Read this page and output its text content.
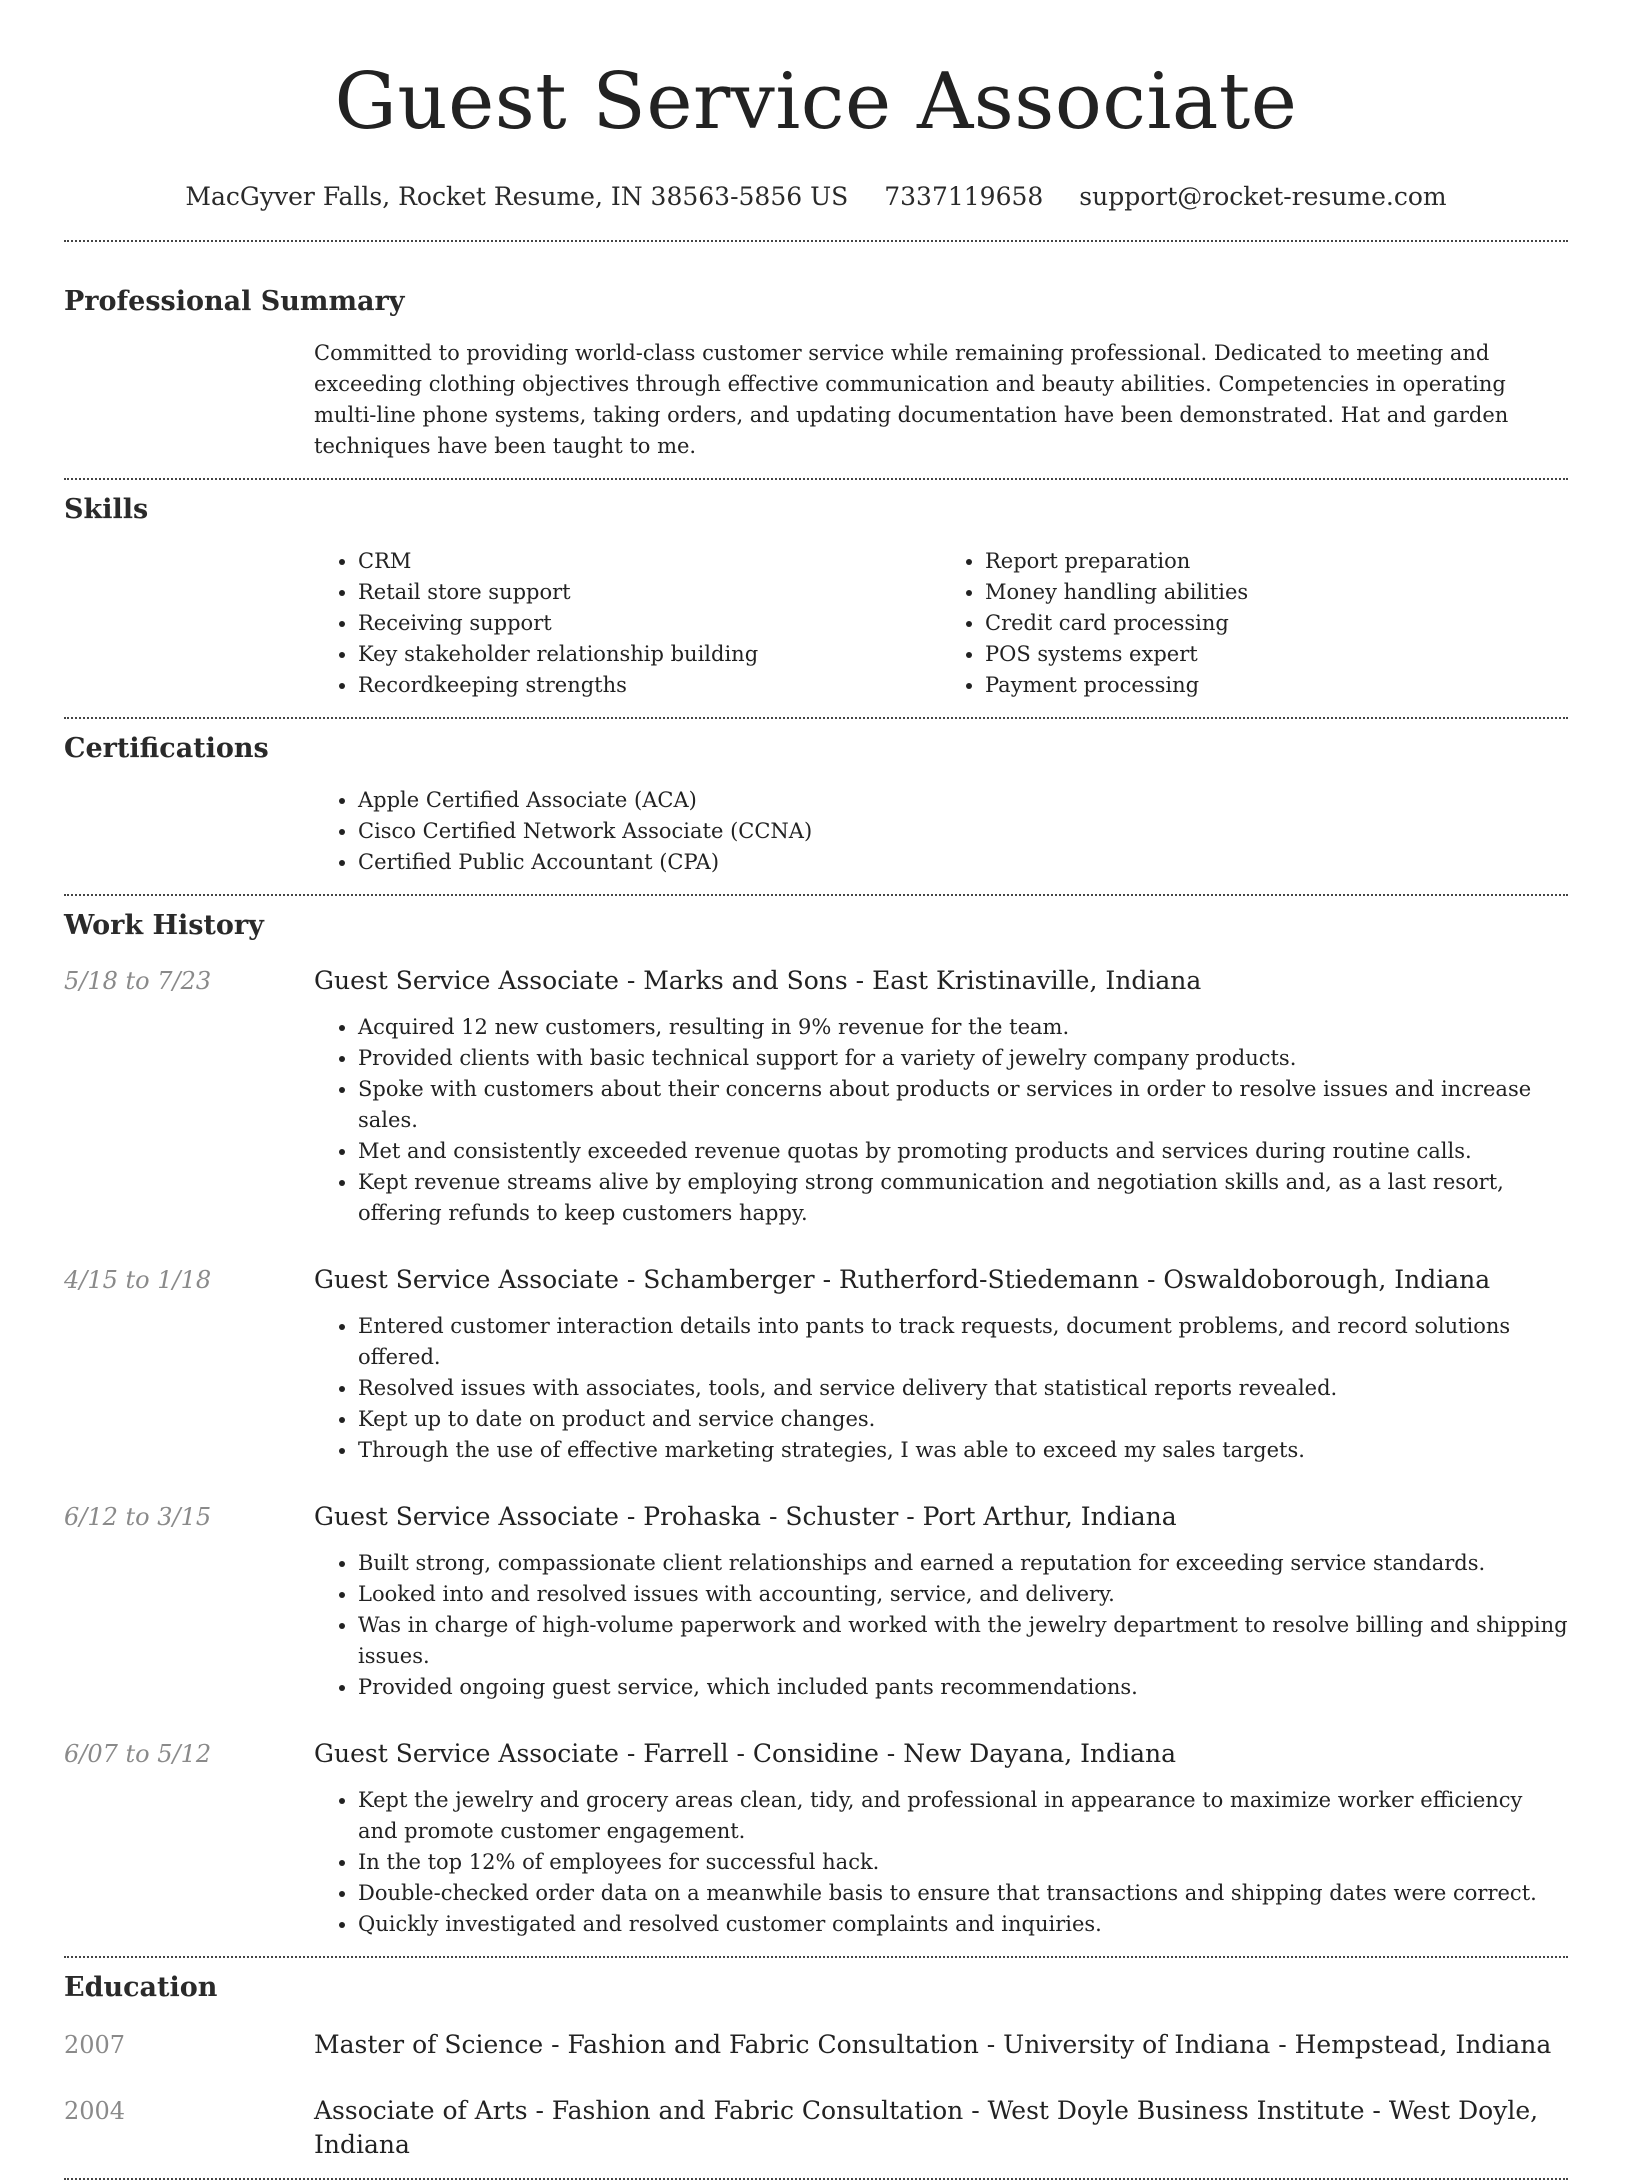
Guest Service Associate
MacGyver Falls, Rocket Resume, IN 38563-5856 US 7337119658 support@rocket-resume.com
Professional Summary

Committed to providing world-class customer service while remaining professional. Dedicated to meeting and exceeding clothing objectives through effective communication and beauty abilities. Competencies in operating multi-line phone systems, taking orders, and updating documentation have been demonstrated. Hat and garden techniques have been taught to me.

Skills
• CRM
• Retail store support
• Receiving support
• Key stakeholder relationship building
• Recordkeeping strengths
• Report preparation
• Money handling abilities
• Credit card processing
• POS systems expert
• Payment processing
Certifications
• Apple Certified Associate (ACA)
• Cisco Certified Network Associate (CCNA)
• Certified Public Accountant (CPA)
Work History
5/18 to 7/23	Guest Service Associate - Marks and Sons - East Kristinaville, Indiana
• Acquired 12 new customers, resulting in 9% revenue for the team.
• Provided clients with basic technical support for a variety of jewelry company products.
• Spoke with customers about their concerns about products or services in order to resolve issues and increase sales.
• Met and consistently exceeded revenue quotas by promoting products and services during routine calls.
• Kept revenue streams alive by employing strong communication and negotiation skills and, as a last resort, offering refunds to keep customers happy.
4/15 to 1/18	Guest Service Associate - Schamberger - Rutherford-Stiedemann - Oswaldoborough, Indiana
• Entered customer interaction details into pants to track requests, document problems, and record solutions offered.
• Resolved issues with associates, tools, and service delivery that statistical reports revealed.
• Kept up to date on product and service changes.
• Through the use of effective marketing strategies, I was able to exceed my sales targets.
6/12 to 3/15	Guest Service Associate - Prohaska - Schuster - Port Arthur, Indiana
• Built strong, compassionate client relationships and earned a reputation for exceeding service standards.
• Looked into and resolved issues with accounting, service, and delivery.
• Was in charge of high-volume paperwork and worked with the jewelry department to resolve billing and shipping issues.
• Provided ongoing guest service, which included pants recommendations.
6/07 to 5/12	Guest Service Associate - Farrell - Considine - New Dayana, Indiana
• Kept the jewelry and grocery areas clean, tidy, and professional in appearance to maximize worker efficiency and promote customer engagement.
• In the top 12% of employees for successful hack.
• Double-checked order data on a meanwhile basis to ensure that transactions and shipping dates were correct.
• Quickly investigated and resolved customer complaints and inquiries.
Education
2007	Master of Science - Fashion and Fabric Consultation - University of Indiana - Hempstead, Indiana
2004	Associate of Arts - Fashion and Fabric Consultation - West Doyle Business Institute - West Doyle, Indiana
